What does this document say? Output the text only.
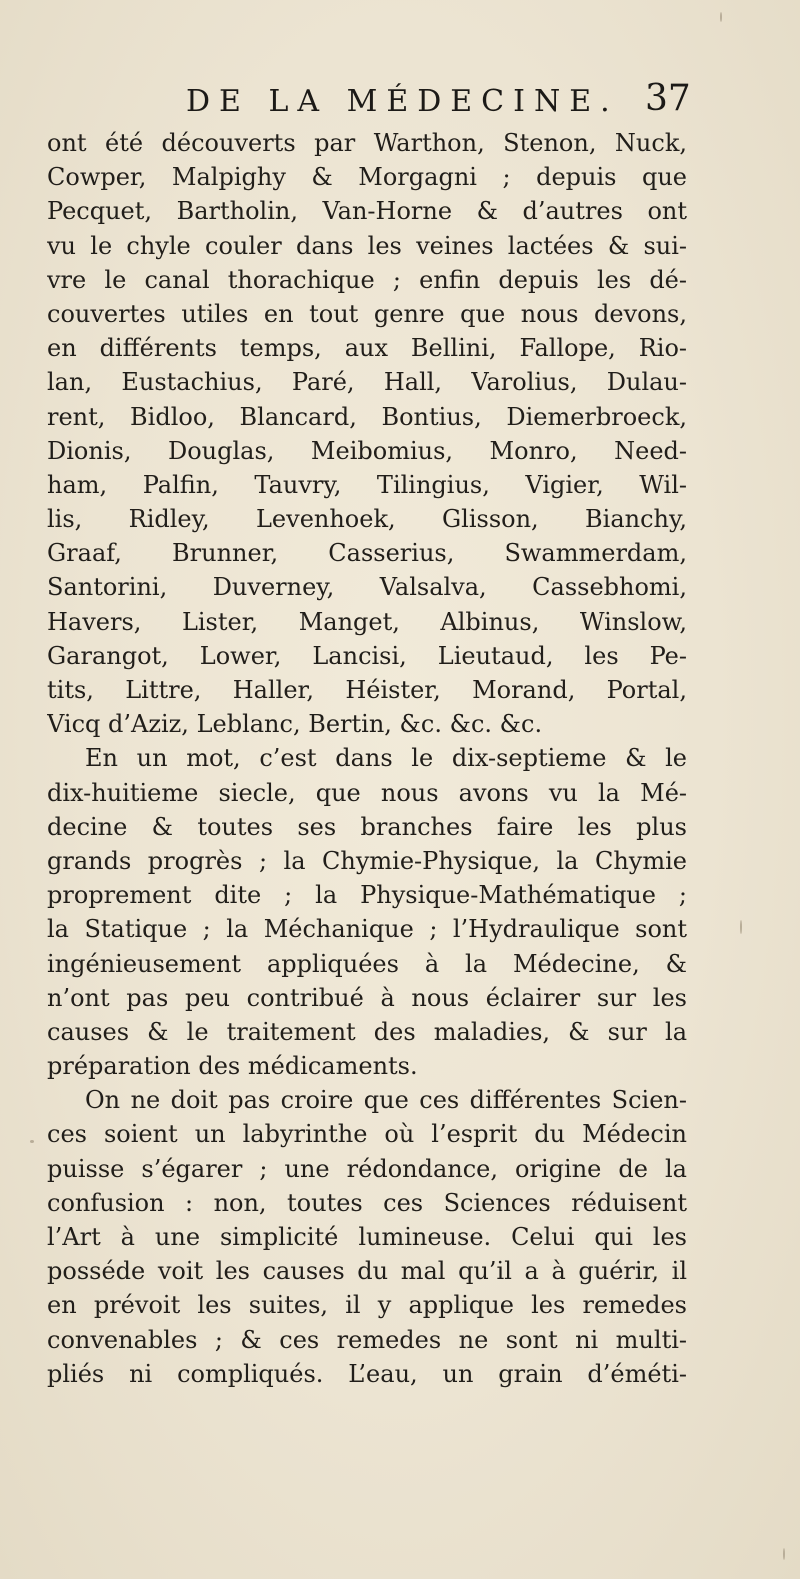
DE LA MÉDECINE. 37
ont été découverts par Warthon, Stenon, Nuck,
Cowper, Malpighy & Morgagni ; depuis que
Pecquet, Bartholin, Van-Horne & d’autres ont
vu le chyle couler dans les veines lactées & sui-
vre le canal thorachique ; enfin depuis les dé-
couvertes utiles en tout genre que nous devons,
en différents temps, aux Bellini, Fallope, Rio-
lan, Eustachius, Paré, Hall, Varolius, Dulau-
rent, Bidloo, Blancard, Bontius, Diemerbroeck,
Dionis, Douglas, Meibomius, Monro, Need-
ham, Palfin, Tauvry, Tilingius, Vigier, Wil-
lis, Ridley, Levenhoek, Glisson, Bianchy,
Graaf, Brunner, Casserius, Swammerdam,
Santorini, Duverney, Valsalva, Cassebhomi,
Havers, Lister, Manget, Albinus, Winslow,
Garangot, Lower, Lancisi, Lieutaud, les Pe-
tits, Littre, Haller, Héister, Morand, Portal,
Vicq d’Aziz, Leblanc, Bertin, &c. &c. &c.
En un mot, c’est dans le dix-septieme & le
dix-huitieme siecle, que nous avons vu la Mé-
decine & toutes ses branches faire les plus
grands progrès ; la Chymie-Physique, la Chymie
proprement dite ; la Physique-Mathématique ;
la Statique ; la Méchanique ; l’Hydraulique sont
ingénieusement appliquées à la Médecine, &
n’ont pas peu contribué à nous éclairer sur les
causes & le traitement des maladies, & sur la
préparation des médicaments.
On ne doit pas croire que ces différentes Scien-
ces soient un labyrinthe où l’esprit du Médecin
puisse s’égarer ; une rédondance, origine de la
confusion : non, toutes ces Sciences réduisent
l’Art à une simplicité lumineuse. Celui qui les
posséde voit les causes du mal qu’il a à guérir, il
en prévoit les suites, il y applique les remedes
convenables ; & ces remedes ne sont ni multi-
pliés ni compliqués. L’eau, un grain d’éméti-
